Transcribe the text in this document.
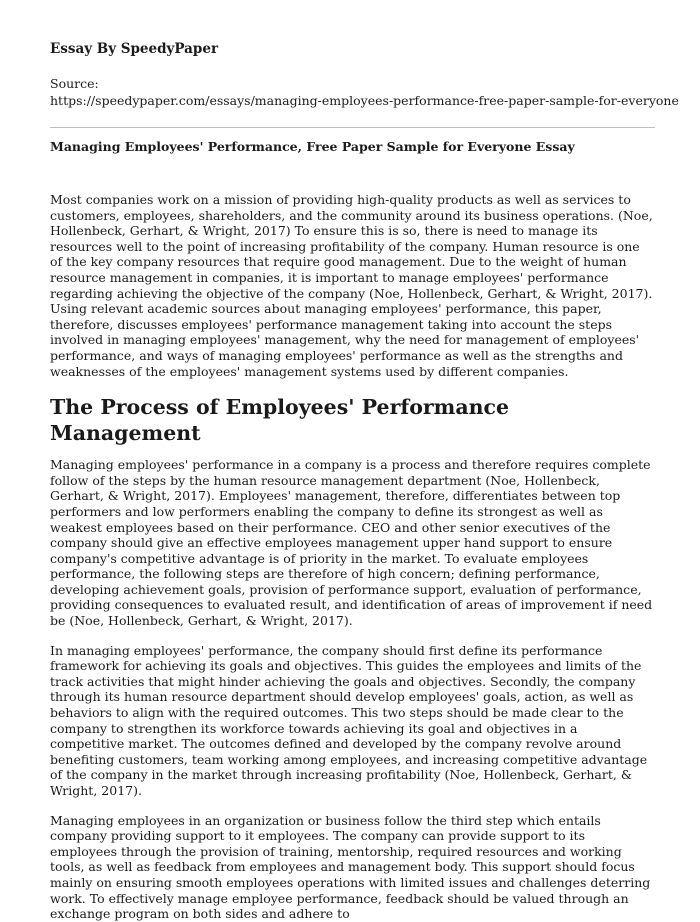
Essay By SpeedyPaper

Source:
https://speedypaper.com/essays/managing-employees-performance-free-paper-sample-for-everyone
Managing Employees' Performance, Free Paper Sample for Everyone Essay

Most companies work on a mission of providing high-quality products as well as services to customers, employees, shareholders, and the community around its business operations. (Noe, Hollenbeck, Gerhart, & Wright, 2017) To ensure this is so, there is need to manage its resources well to the point of increasing profitability of the company. Human resource is one of the key company resources that require good management. Due to the weight of human resource management in companies, it is important to manage employees' performance regarding achieving the objective of the company (Noe, Hollenbeck, Gerhart, & Wright, 2017). Using relevant academic sources about managing employees' performance, this paper, therefore, discusses employees' performance management taking into account the steps involved in managing employees' management, why the need for management of employees' performance, and ways of managing employees' performance as well as the strengths and weaknesses of the employees' management systems used by different companies.

The Process of Employees' Performance Management

Managing employees' performance in a company is a process and therefore requires complete follow of the steps by the human resource management department (Noe, Hollenbeck, Gerhart, & Wright, 2017). Employees' management, therefore, differentiates between top performers and low performers enabling the company to define its strongest as well as weakest employees based on their performance. CEO and other senior executives of the company should give an effective employees management upper hand support to ensure company's competitive advantage is of priority in the market. To evaluate employees performance, the following steps are therefore of high concern; defining performance, developing achievement goals, provision of performance support, evaluation of performance, providing consequences to evaluated result, and identification of areas of improvement if need be (Noe, Hollenbeck, Gerhart, & Wright, 2017).

In managing employees' performance, the company should first define its performance framework for achieving its goals and objectives. This guides the employees and limits of the track activities that might hinder achieving the goals and objectives. Secondly, the company through its human resource department should develop employees' goals, action, as well as behaviors to align with the required outcomes. This two steps should be made clear to the company to strengthen its workforce towards achieving its goal and objectives in a competitive market. The outcomes defined and developed by the company revolve around benefiting customers, team working among employees, and increasing competitive advantage of the company in the market through increasing profitability (Noe, Hollenbeck, Gerhart, & Wright, 2017).

Managing employees in an organization or business follow the third step which entails company providing support to it employees. The company can provide support to its employees through the provision of training, mentorship, required resources and working tools, as well as feedback from employees and management body. This support should focus mainly on ensuring smooth employees operations with limited issues and challenges deterring work. To effectively manage employee performance, feedback should be valued through an exchange program on both sides and adhere to
